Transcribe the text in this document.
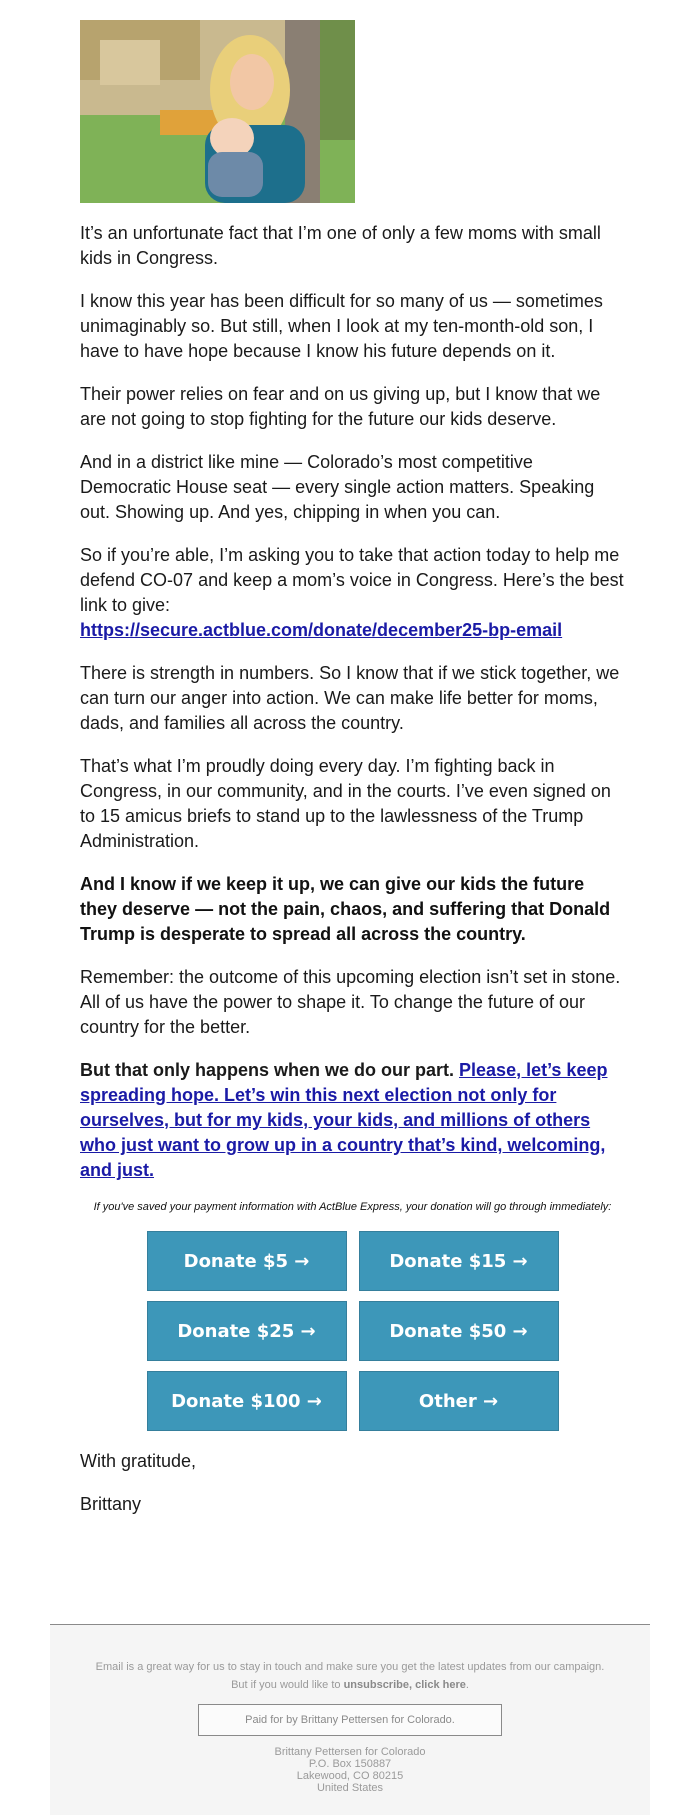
It’s an unfortunate fact that I’m one of only a few moms with small kids in Congress.

I know this year has been difficult for so many of us — sometimes unimaginably so. But still, when I look at my ten-month-old son, I have to have hope because I know his future depends on it.

Their power relies on fear and on us giving up, but I know that we are not going to stop fighting for the future our kids deserve.

And in a district like mine — Colorado’s most competitive Democratic House seat — every single action matters. Speaking out. Showing up. And yes, chipping in when you can.

So if you’re able, I’m asking you to take that action today to help me defend CO-07 and keep a mom’s voice in Congress. Here’s the best link to give:
https://secure.actblue.com/donate/december25-bp-email

There is strength in numbers. So I know that if we stick together, we can turn our anger into action. We can make life better for moms, dads, and families all across the country.

That’s what I’m proudly doing every day. I’m fighting back in Congress, in our community, and in the courts. I’ve even signed on to 15 amicus briefs to stand up to the lawlessness of the Trump Administration.

And I know if we keep it up, we can give our kids the future they deserve — not the pain, chaos, and suffering that Donald Trump is desperate to spread all across the country.

Remember: the outcome of this upcoming election isn’t set in stone. All of us have the power to shape it. To change the future of our country for the better.

But that only happens when we do our part. Please, let’s keep spreading hope. Let’s win this next election not only for ourselves, but for my kids, your kids, and millions of others who just want to grow up in a country that’s kind, welcoming, and just.

If you've saved your payment information with ActBlue Express, your donation will go through immediately:

Donate $5 →	Donate $15 →
Donate $25 →	Donate $50 →
Donate $100 →	Other →

With gratitude,

Brittany

Email is a great way for us to stay in touch and make sure you get the latest updates from our campaign.
But if you would like to unsubscribe, click here.
Paid for by Brittany Pettersen for Colorado.
Brittany Pettersen for Colorado
P.O. Box 150887
Lakewood, CO 80215
United States
